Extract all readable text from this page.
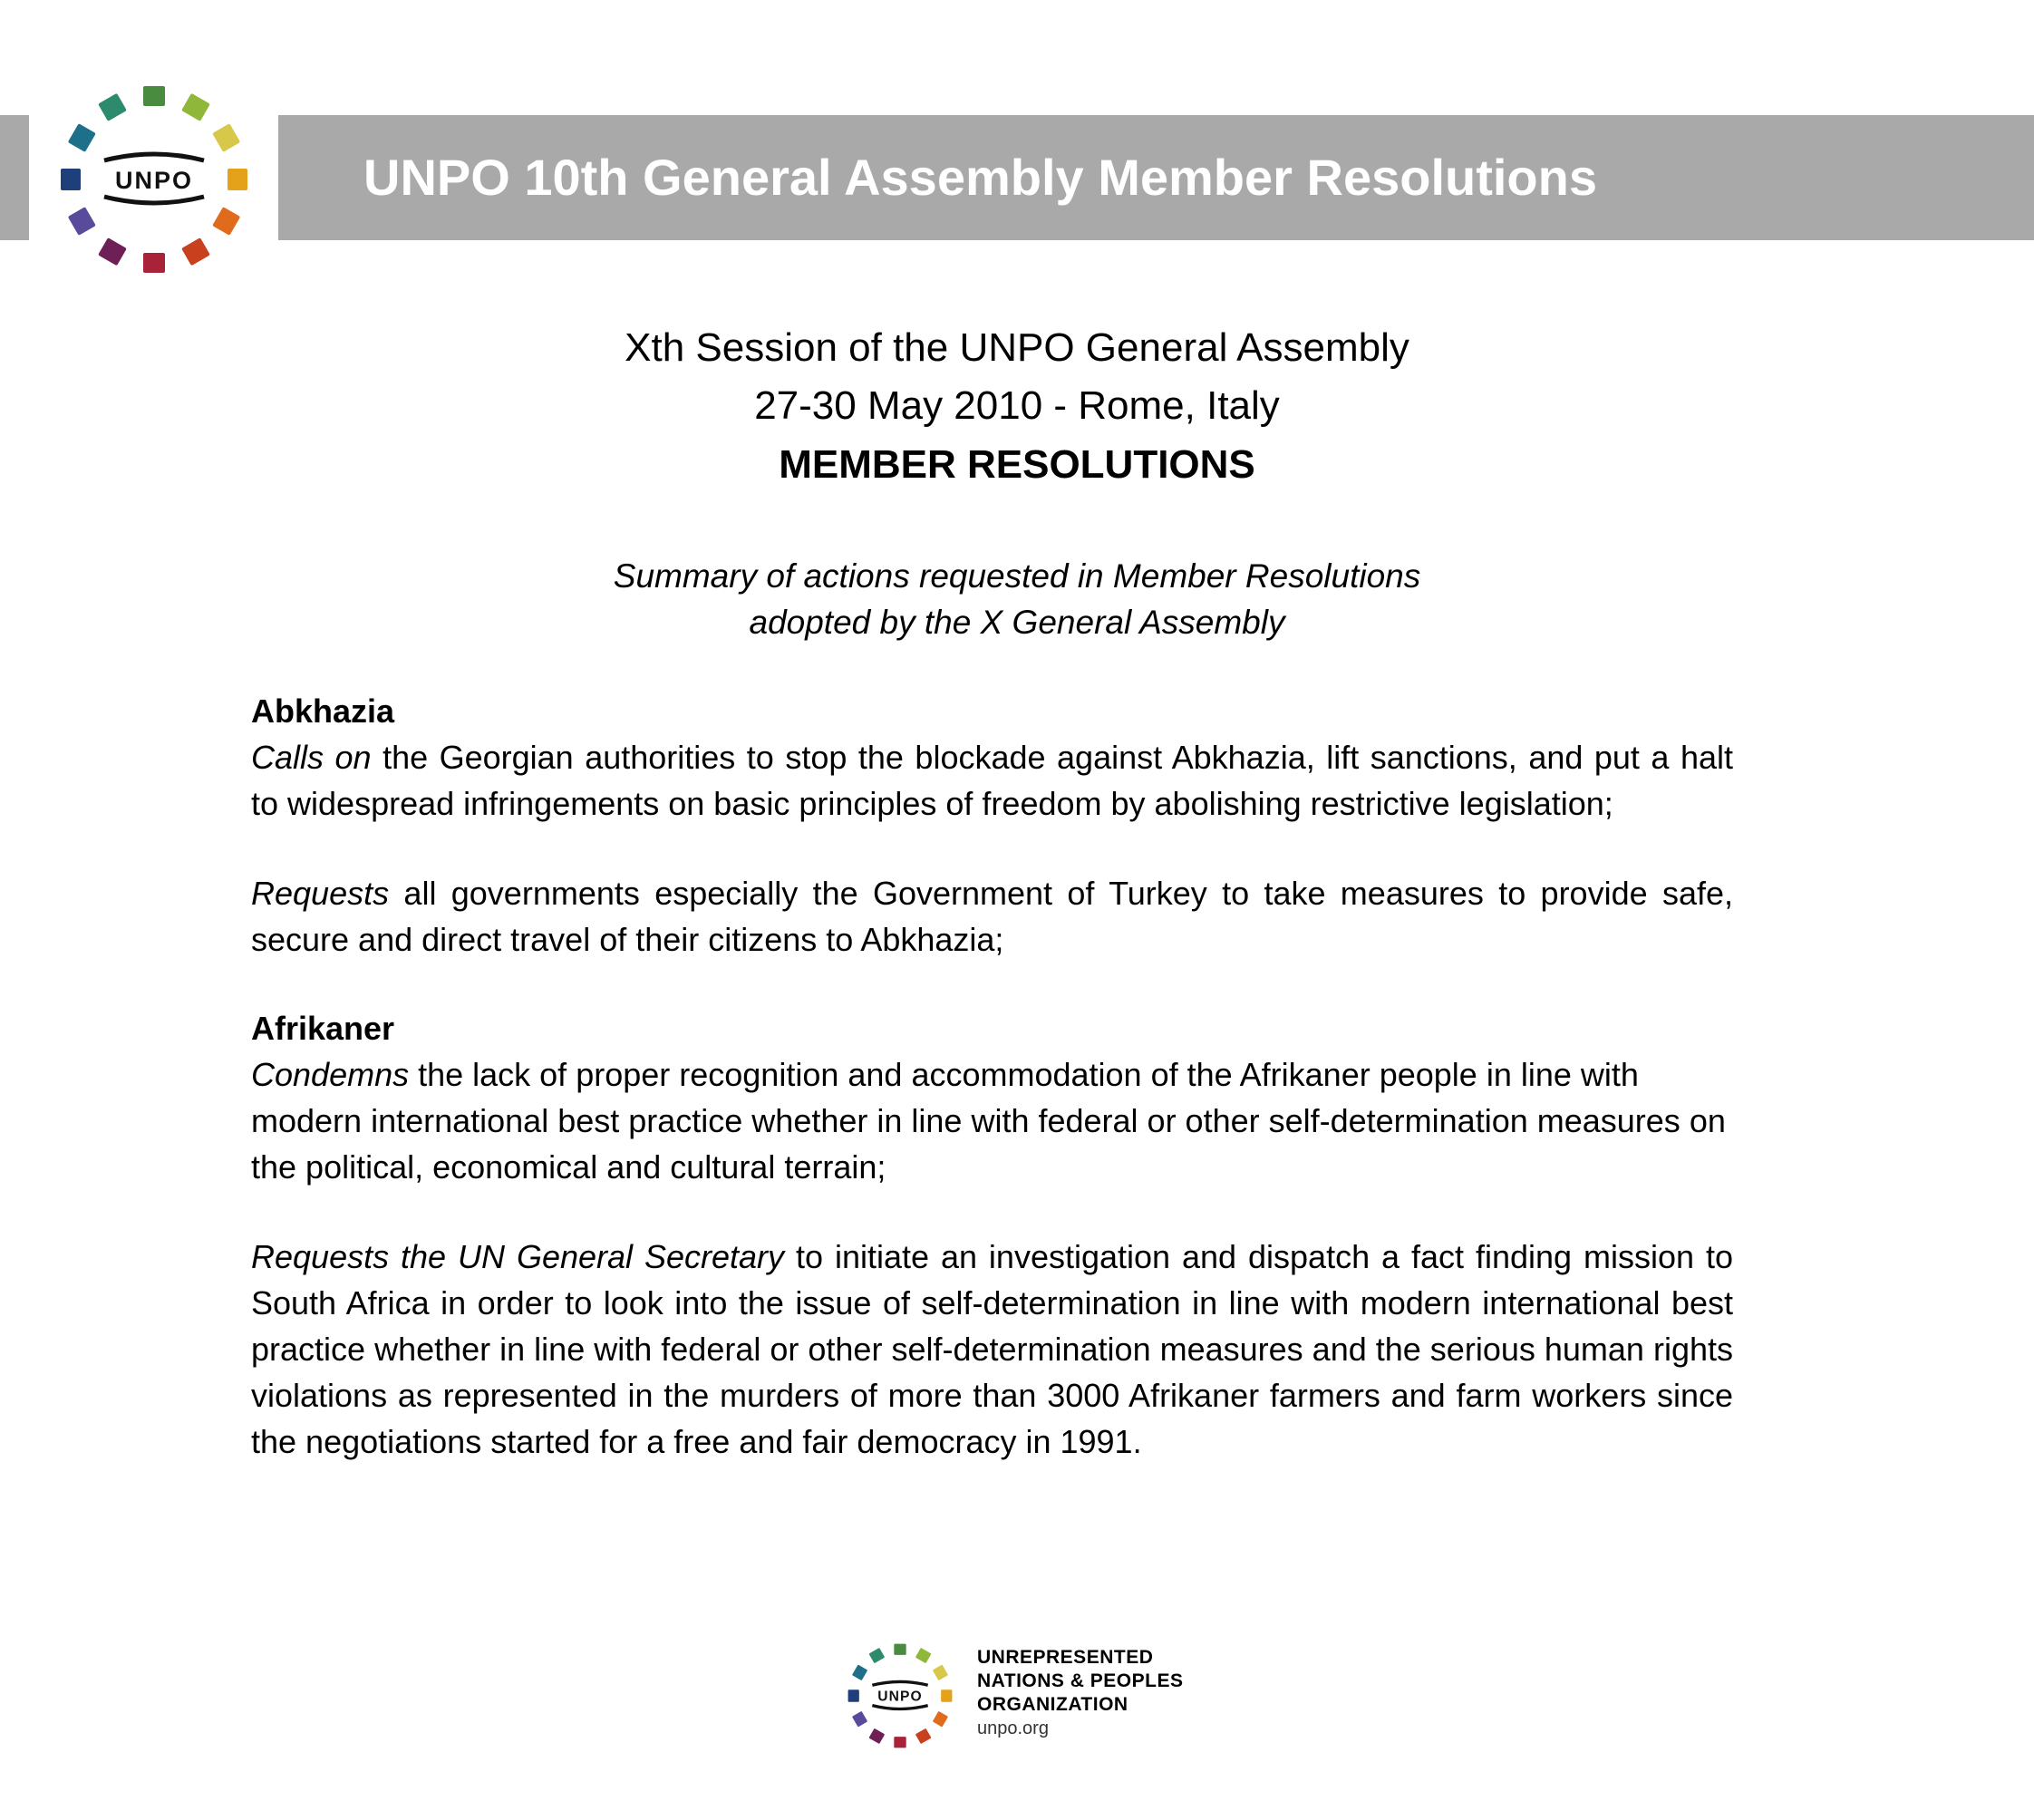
UNPO 10th General Assembly Member Resolutions
UNPO
Xth Session of the UNPO General Assembly
27-30 May 2010 - Rome, Italy
MEMBER RESOLUTIONS
Summary of actions requested in Member Resolutions
adopted by the X General Assembly

Abkhazia

Calls on the Georgian authorities to stop the blockade against Abkhazia, lift sanctions, and put a halt to widespread infringements on basic principles of freedom by abolishing restrictive legislation;

Requests all governments especially the Government of Turkey to take measures to provide safe, secure and direct travel of their citizens to Abkhazia;

Afrikaner

Condemns the lack of proper recognition and accommodation of the Afrikaner people in line with modern international best practice whether in line with federal or other self-determination measures on the political, economical and cultural terrain;

Requests the UN General Secretary to initiate an investigation and dispatch a fact finding mission to South Africa in order to look into the issue of self-determination in line with modern international best practice whether in line with federal or other self-determination measures and the serious human rights violations as represented in the murders of more than 3000 Afrikaner farmers and farm workers since the negotiations started for a free and fair democracy in 1991.

UNPO
UNREPRESENTED
NATIONS & PEOPLES
ORGANIZATION
unpo.org
